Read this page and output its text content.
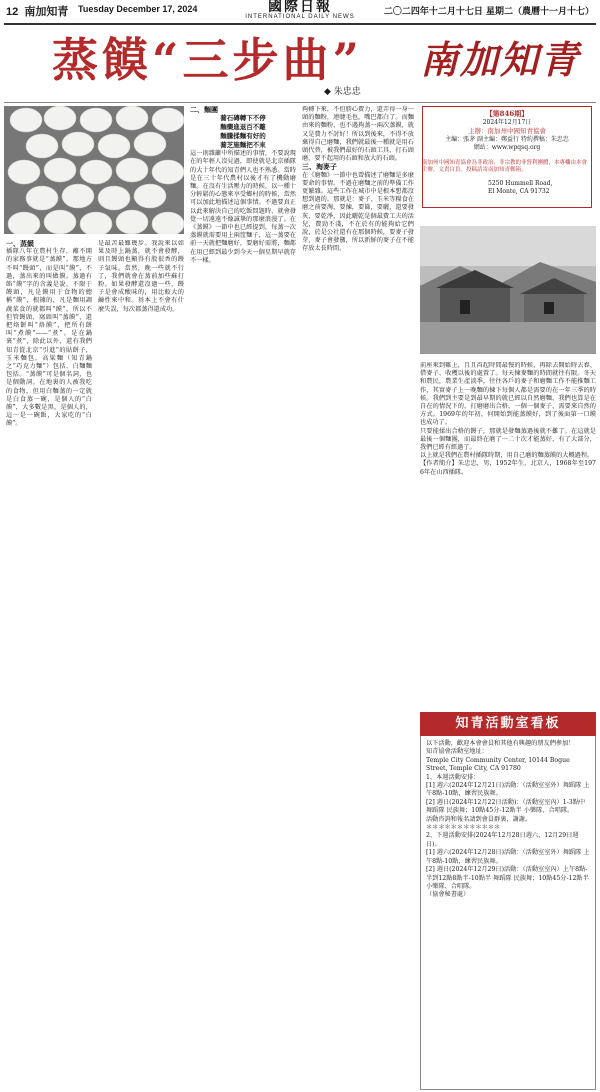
12 南加知青 Tuesday December 17, 2024	國際日報
INTERNATIONAL DAILY NEWS	二〇二四年十二月十七日 星期二（農曆十一月十七）
蒸饃“三步曲”
◆ 朱忠忠
南加知青
【第846期】
2024年12月17日
主辦：南加州中國知青協會
主編：張茅 副主編：鄭益行 特約撰稿：朱忠忠
網站：www.wpqsq.org
南加州中國知青協會為非政治、非宗教的非營利團體，本專欄由本會主辦，文責自負。投稿請寄南加知青郵箱。
5250 Hummell Road,
El Monte, CA 91732
一、蒸饃
插隊八年在農村生存，離不開的家務事就是“蒸饃”。那地方不叫“饅頭”，而是叫“饃”，不過，蒸出來的叫做饃。蒸過有餡“饃”字的含義是說，不限于饅頭，凡是饃用于食物的總稱“饃”，根據的，凡是麵用調蔬菜食的就都叫“饃”。所以不但管饅頭、窩頭叫“蒸饃”，還把烙餅叫“烙饃”，把所有餅叫“煮饃”——“煮”。是在鍋裏“煮”，除此以外，還有我們知青從北京“引進”的貼餅子，玉米麵包，高粱麵（知青鍋之“巧克力麵”）包括，白麵麵包括。“蒸饃”可是個名詞，也是個動詞。在地裏的人被我吃的食物，但用白麵蒸的一定就是白食蒸一碗，是個人的“白饃”，大多數是黑，是個人的，這一是一碗飯，大家吃的“白饃”。
是最苦最難幾步。我說來以如果及時上鍋蒸，就不會發酵，則且饅頭也顯得有股很香的饅子氣味。當然，晚一些就不行了，我們就會在蒸前加些蘇打粉。如果發酵還沒過一些，饅子是會成酸味的，用比較大的鹼性來中和。基本上不會有什麼失誤，每次都蒸得還成功。
二、麵團
蕎石磚轉下不停
麵藥進退百不離
麵騰揉麵有好的
蕎芝施麵把不來
這一則雜籬中所描述的事情，不要說現在的年輕人沒見過，即使就是北京插隊的大十年代的知青們人也不熟悉。當時是在三十年代農村以後才有了機動磨麵。在沒有生活壓力的時候，以一種十分輕鬆的心態來享受鄉村的時候，當然可以加此地描述這個事情。不過要真正以此來解決自己的吃飯問題時，就會發覺一切遠遠不像誠摯的那麼浪漫了。在《蒸饃》一節中也已經提到，每蒸一次蒸饃就需要用上兩筐麵子，這一蒸要在前一天就把麵磨好，要磨好需將，麵都在用已經到最少到今天一個星期早就存不一樣。
夠轉下來，不但勝心費力，還弄得一身一頭的麵粉，連睫毛也，嘴巴都白了。而麵由來的麵粉，也不遇夠蒸一兩次蒸饃，就又是費力不討好！所以到後來，不得不放棄得自己磨麵，我們就最後一種就是用石頭代替，被我們最好的石頭工具、打石頭磨，要不起用的石頭和放大的石頭。
三、淘麥子
在《磨麵》一節中也曾描述了磨麵是多麼要命的事情。不過在磨麵之前的準備工作更繁雜。這些工作在城市中是根本想都沒想到過的。那就是：麥子、玉米等糧食在磨之前要淘，要揀，要篩，要曬，還要發灰，要乾淨，因此曬乾是個最費工夫的活兒，費勁不淺，不在於有的能夠給它們說，於是公社還有在那個時候，要麥子發芽，麥子會發黴，所以新鮮的麥子在不能存放太長時間。
前座來到雞上，且且舀起時間最慢的時候，再除去開始時去舂、借麥子、收穫以後的處置了。每天揀麥麵的時間就往有限。冬天和農民，農業生產淡季，往往各戶的麥子和磨麵工作不能推麵工作，其實麥子上一晚麵的揀下每個人都是需要的在一年三季的時候。我們到主要是到最早期的就已經以自然磨麵，我們也算是在自在的情況下的，打磨磨出合格，一個一個麥子，需要來自然的方式。1969年的年初，何開始到能蒸饃好，到了後面第一口饃也成功了。
只要能揉出合格的饅子，那就是發麵蒸過後就不難了。在這就是最後一個麵團，而最終在磨了一二十次才能蒸好，有了大部分，我們已經有經過了。
以上就是我們在農村插隊時期，用自己磨的麵蒸饃的大概過程。
【作者簡介】朱忠忠，男，1952年生，北京人，1968年至1976年在山西插隊。
知青活動室看板
以下活動，歡迎本會會員和其他有興趣的朋友們參加！
知青協會活動室地址：
Temple City Community Center, 10144 Bogue Street, Temple City, CA 91780
1、本週活動安排：
[1] 週六(2024年12月21日)活動：（活動室室外）舞蹈隊 上午8點-10點，練習民族舞。
[2] 週日(2024年12月22日活動)：（活動室室內）1-3點中舞蹈隊 民族舞；10點45分-12點半 小樂隊、合唱隊。
活動咨詢和報名請到會員群裏，謝謝。
＊＊＊＊＊＊＊＊＊＊＊＊
2、下週活動安排(2024年12月28日週六，12月29日週日)。
[1] 週六(2024年12月28日)活動：（活動室室外）舞蹈隊 上午8點-10點，練習民族舞。
[2] 週日(2024年12月29日)活動：（活動室室內）上午8點-半到12點8點半-10點半 舞蹈隊 民族舞；10點45分-12點半 小樂隊、合唱隊。
（協會秘書處）
